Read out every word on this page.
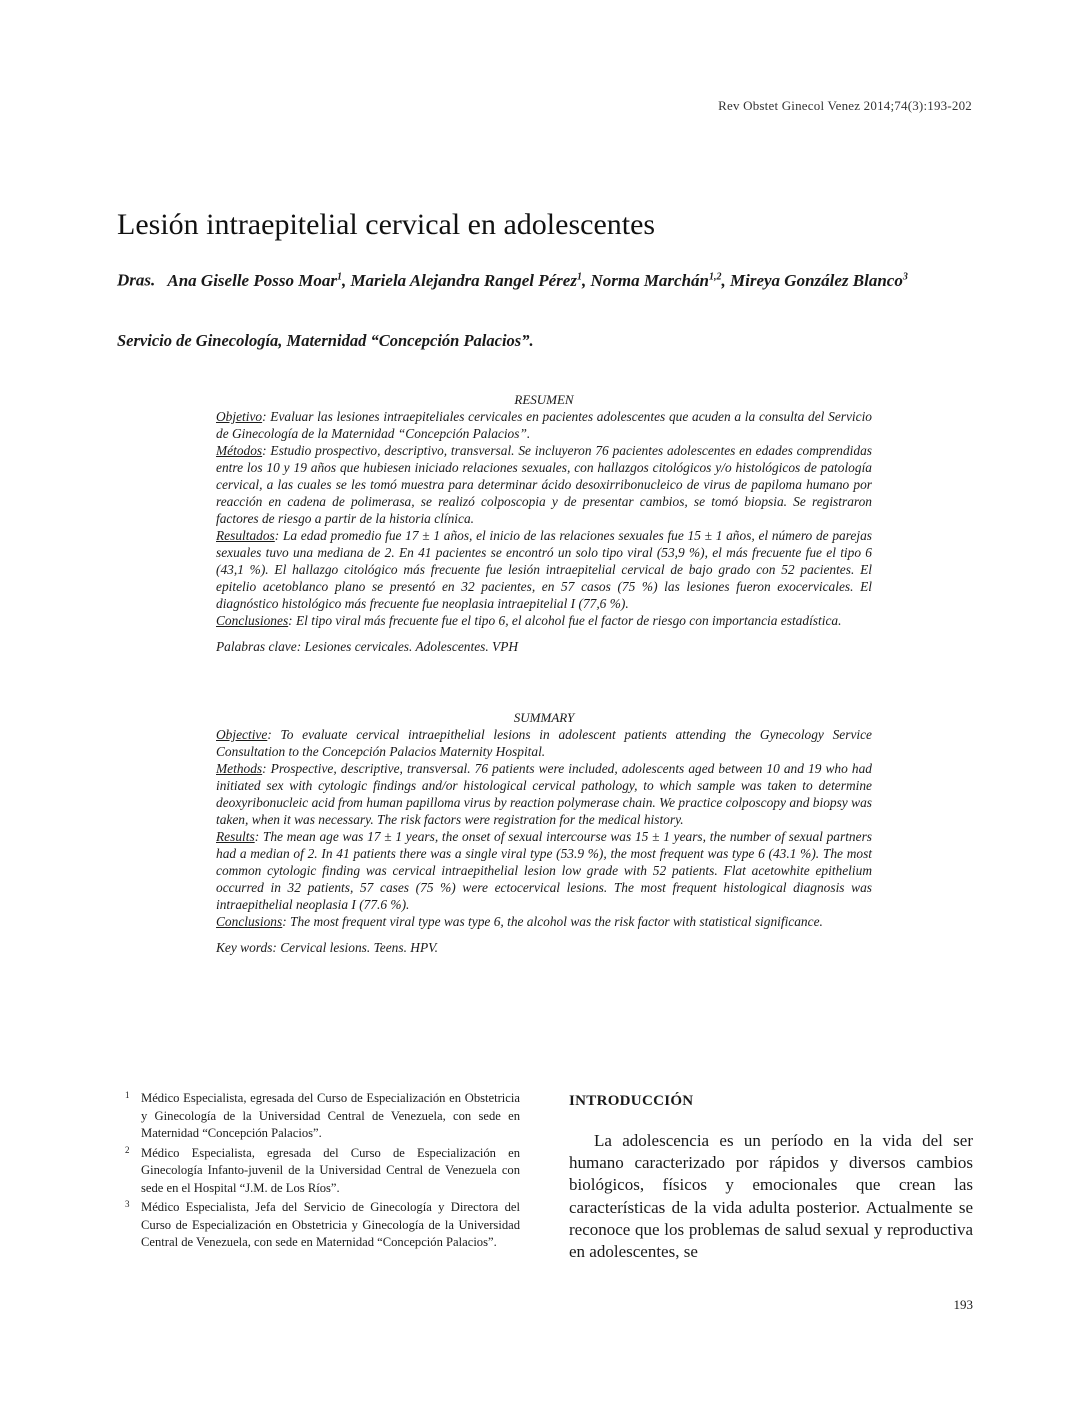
Rev Obstet Ginecol Venez 2014;74(3):193-202
Lesión intraepitelial cervical en adolescentes

Dras. Ana Giselle Posso Moar$^1$, Mariela Alejandra Rangel Pérez$^1$, Norma Marchán$^{1,2}$, Mireya González Blanco$^3$

Servicio de Ginecología, Maternidad “Concepción Palacios”.

RESUMEN

Objetivo: Evaluar las lesiones intraepiteliales cervicales en pacientes adolescentes que acuden a la consulta del Servicio de Ginecología de la Maternidad “Concepción Palacios”.

Métodos: Estudio prospectivo, descriptivo, transversal. Se incluyeron 76 pacientes adolescentes en edades comprendidas entre los 10 y 19 años que hubiesen iniciado relaciones sexuales, con hallazgos citológicos y/o histológicos de patología cervical, a las cuales se les tomó muestra para determinar ácido desoxirribonucleico de virus de papiloma humano por reacción en cadena de polimerasa, se realizó colposcopia y de presentar cambios, se tomó biopsia. Se registraron factores de riesgo a partir de la historia clínica.

Resultados: La edad promedio fue 17 ± 1 años, el inicio de las relaciones sexuales fue 15 ± 1 años, el número de parejas sexuales tuvo una mediana de 2. En 41 pacientes se encontró un solo tipo viral (53,9 %), el más frecuente fue el tipo 6 (43,1 %). El hallazgo citológico más frecuente fue lesión intraepitelial cervical de bajo grado con 52 pacientes. El epitelio acetoblanco plano se presentó en 32 pacientes, en 57 casos (75 %) las lesiones fueron exocervicales. El diagnóstico histológico más frecuente fue neoplasia intraepitelial I (77,6 %).

Conclusiones: El tipo viral más frecuente fue el tipo 6, el alcohol fue el factor de riesgo con importancia estadística.

Palabras clave: Lesiones cervicales. Adolescentes. VPH

SUMMARY

Objective: To evaluate cervical intraepithelial lesions in adolescent patients attending the Gynecology Service Consultation to the Concepción Palacios Maternity Hospital.

Methods: Prospective, descriptive, transversal. 76 patients were included, adolescents aged between 10 and 19 who had initiated sex with cytologic findings and/or histological cervical pathology, to which sample was taken to determine deoxyribonucleic acid from human papilloma virus by reaction polymerase chain. We practice colposcopy and biopsy was taken, when it was necessary. The risk factors were registration for the medical history.

Results: The mean age was 17 ± 1 years, the onset of sexual intercourse was 15 ± 1 years, the number of sexual partners had a median of 2. In 41 patients there was a single viral type (53.9 %), the most frequent was type 6 (43.1 %). The most common cytologic finding was cervical intraepithelial lesion low grade with 52 patients. Flat acetowhite epithelium occurred in 32 patients, 57 cases (75 %) were ectocervical lesions. The most frequent histological diagnosis was intraepithelial neoplasia I (77.6 %).

Conclusions: The most frequent viral type was type 6, the alcohol was the risk factor with statistical significance.

Key words: Cervical lesions. Teens. HPV.

1 Médico Especialista, egresada del Curso de Especialización en Obstetricia y Ginecología de la Universidad Central de Venezuela, con sede en Maternidad “Concepción Palacios”.

2 Médico Especialista, egresada del Curso de Especialización en Ginecología Infanto-juvenil de la Universidad Central de Venezuela con sede en el Hospital “J.M. de Los Ríos”.

3 Médico Especialista, Jefa del Servicio de Ginecología y Directora del Curso de Especialización en Obstetricia y Ginecología de la Universidad Central de Venezuela, con sede en Maternidad “Concepción Palacios”.

INTRODUCCIÓN

La adolescencia es un período en la vida del ser humano caracterizado por rápidos y diversos cambios biológicos, físicos y emocionales que crean las características de la vida adulta posterior. Actualmente se reconoce que los problemas de salud sexual y reproductiva en adolescentes, se

193
